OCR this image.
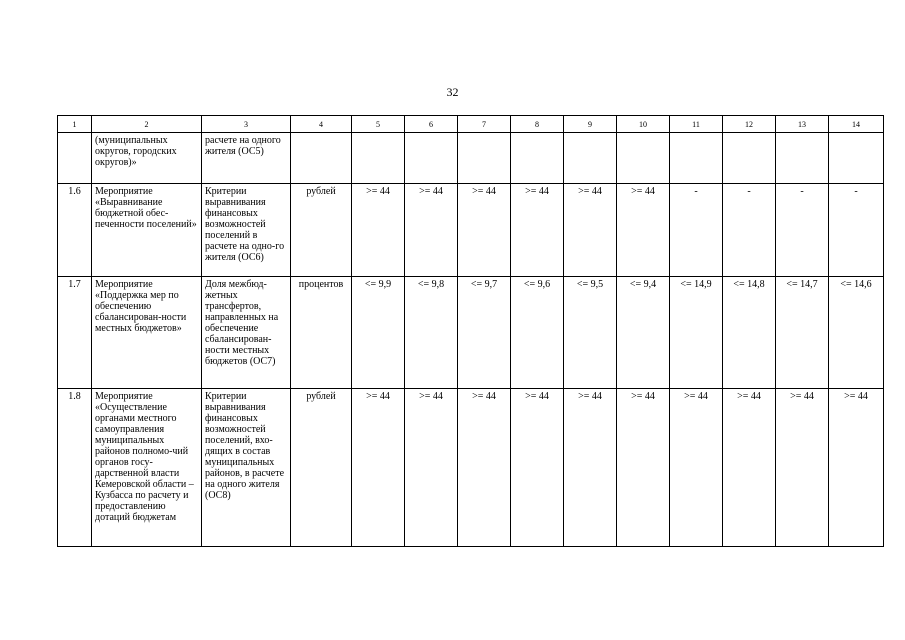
32
1	2	3	4	5	6	7	8	9	10	11	12	13	14
	(муниципальных округов, городских округов)»	расчете на одного жителя (ОС5)											
1.6	Мероприятие «Выравнивание бюджетной обес-печенности поселений»	Критерии выравнивания финансовых возможностей поселений в расчете на одно-го жителя (ОС6)	рублей	>= 44	>= 44	>= 44	>= 44	>= 44	>= 44	-	-	-	-
1.7	Мероприятие «Поддержка мер по обеспечению сбалансирован-ности местных бюджетов»	Доля межбюд-жетных трансфертов, направленных на обеспечение сбалансирован-ности местных бюджетов (ОС7)	процентов	<= 9,9	<= 9,8	<= 9,7	<= 9,6	<= 9,5	<= 9,4	<= 14,9	<= 14,8	<= 14,7	<= 14,6
1.8	Мероприятие «Осуществление органами местного самоуправления муниципальных районов полномо-чий органов госу-дарственной власти Кемеровской области – Кузбасса по расчету и предоставлению дотаций бюджетам	Критерии выравнивания финансовых возможностей поселений, вхо-дящих в состав муниципальных районов, в расчете на одного жителя (ОС8)	рублей	>= 44	>= 44	>= 44	>= 44	>= 44	>= 44	>= 44	>= 44	>= 44	>= 44
